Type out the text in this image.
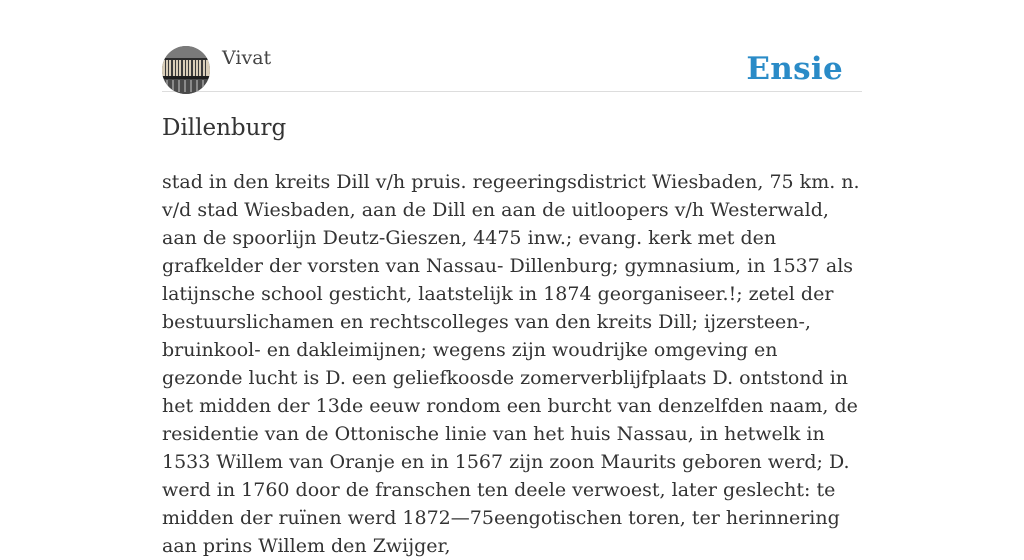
Vivat	Ensie
Dillenburg

stad in den kreits Dill v/h pruis. regeeringsdistrict Wiesbaden, 75 km. n. v/d stad Wiesbaden, aan de Dill en aan de uitloopers v/h Westerwald, aan de spoorlijn Deutz-Gieszen, 4475 inw.; evang. kerk met den grafkelder der vorsten van Nassau- Dillenburg; gymnasium, in 1537 als latijnsche school gesticht, laatstelijk in 1874 georganiseer.!; zetel der bestuurslichamen en rechtscolleges van den kreits Dill; ijzersteen-, bruinkool- en dakleimijnen; wegens zijn woudrijke omgeving en gezonde lucht is D. een geliefkoosde zomerverblijfplaats D. ontstond in het midden der 13de eeuw rondom een burcht van denzelfden naam, de residentie van de Ottonische linie van het huis Nassau, in hetwelk in 1533 Willem van Oranje en in 1567 zijn zoon Maurits geboren werd; D. werd in 1760 door de franschen ten deele verwoest, later geslecht: te midden der ruïnen werd 1872—75eengotischen toren, ter herinnering aan prins Willem den Zwijger,
